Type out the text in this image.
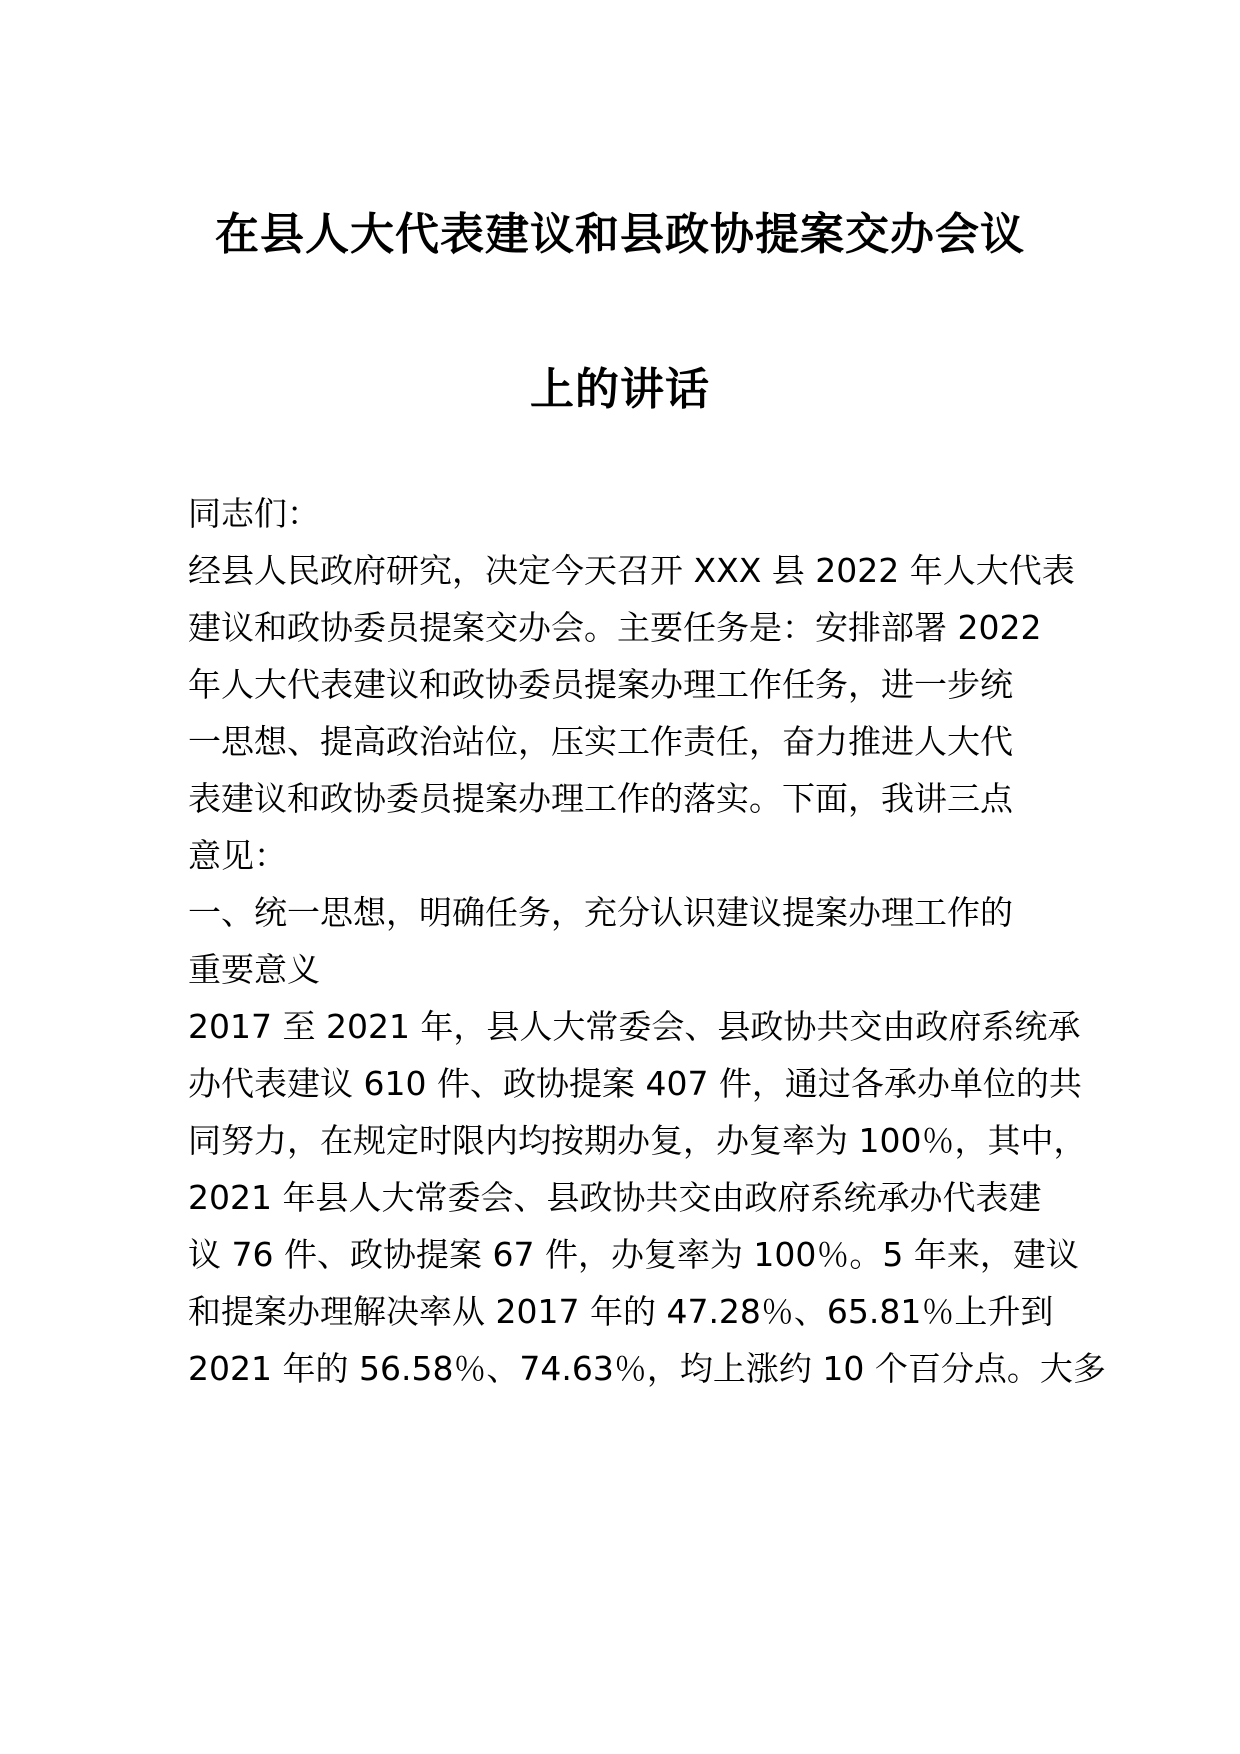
在县人大代表建议和县政协提案交办会议
上的讲话

同志们：

经县人民政府研究，决定今天召开 XXX 县 2022 年人大代表

建议和政协委员提案交办会。主要任务是：安排部署 2022

年人大代表建议和政协委员提案办理工作任务，进一步统

一思想、提高政治站位，压实工作责任，奋力推进人大代

表建议和政协委员提案办理工作的落实。下面，我讲三点

意见：

一、统一思想，明确任务，充分认识建议提案办理工作的

重要意义

2017 至 2021 年，县人大常委会、县政协共交由政府系统承

办代表建议 610 件、政协提案 407 件，通过各承办单位的共

同努力，在规定时限内均按期办复，办复率为 100％，其中，

2021 年县人大常委会、县政协共交由政府系统承办代表建

议 76 件、政协提案 67 件，办复率为 100％。5 年来，建议

和提案办理解决率从 2017 年的 47.28％、65.81％上升到

2021 年的 56.58％、74.63％，均上涨约 10 个百分点。大多
